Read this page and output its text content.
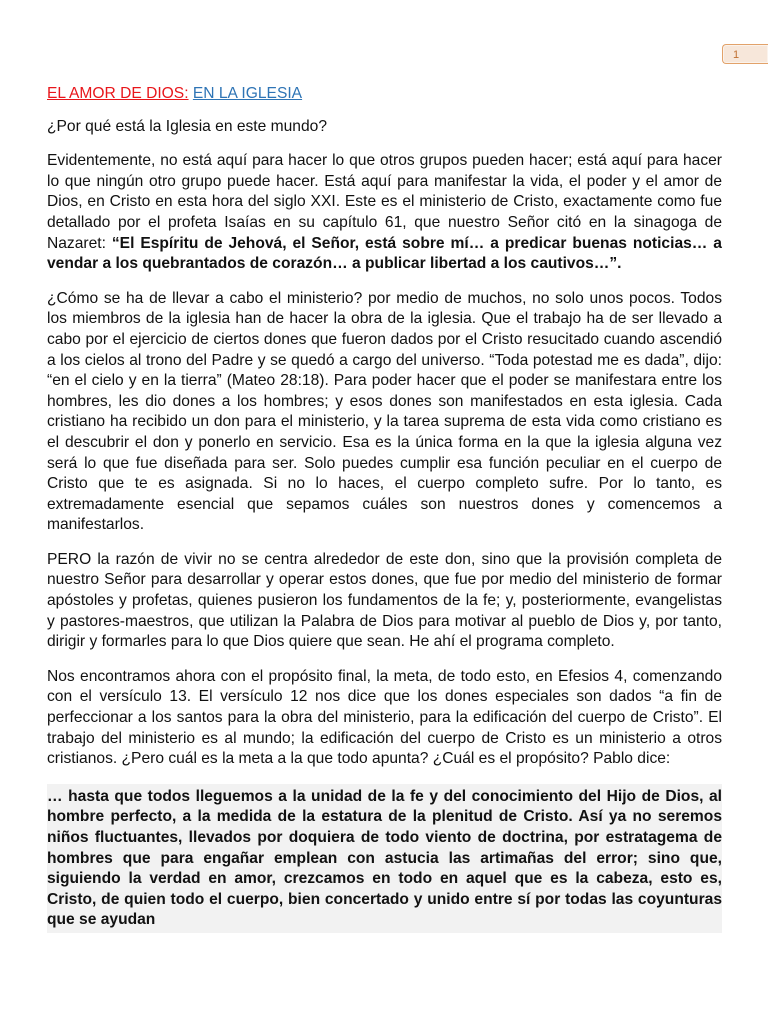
1
EL AMOR DE DIOS: EN LA IGLESIA

¿Por qué está la Iglesia en este mundo?

Evidentemente, no está aquí para hacer lo que otros grupos pueden hacer; está aquí para hacer lo que ningún otro grupo puede hacer. Está aquí para manifestar la vida, el poder y el amor de Dios, en Cristo en esta hora del siglo XXI. Este es el ministerio de Cristo, exactamente como fue detallado por el profeta Isaías en su capítulo 61, que nuestro Señor citó en la sinagoga de Nazaret: “El Espíritu de Jehová, el Señor, está sobre mí… a predicar buenas noticias… a vendar a los quebrantados de corazón… a publicar libertad a los cautivos…”.

¿Cómo se ha de llevar a cabo el ministerio? por medio de muchos, no solo unos pocos. Todos los miembros de la iglesia han de hacer la obra de la iglesia. Que el trabajo ha de ser llevado a cabo por el ejercicio de ciertos dones que fueron dados por el Cristo resucitado cuando ascendió a los cielos al trono del Padre y se quedó a cargo del universo. “Toda potestad me es dada”, dijo: “en el cielo y en la tierra” (Mateo 28:18). Para poder hacer que el poder se manifestara entre los hombres, les dio dones a los hombres; y esos dones son manifestados en esta iglesia. Cada cristiano ha recibido un don para el ministerio, y la tarea suprema de esta vida como cristiano es el descubrir el don y ponerlo en servicio. Esa es la única forma en la que la iglesia alguna vez será lo que fue diseñada para ser. Solo puedes cumplir esa función peculiar en el cuerpo de Cristo que te es asignada. Si no lo haces, el cuerpo completo sufre. Por lo tanto, es extremadamente esencial que sepamos cuáles son nuestros dones y comencemos a manifestarlos.

PERO la razón de vivir no se centra alrededor de este don, sino que la provisión completa de nuestro Señor para desarrollar y operar estos dones, que fue por medio del ministerio de formar apóstoles y profetas, quienes pusieron los fundamentos de la fe; y, posteriormente, evangelistas y pastores-maestros, que utilizan la Palabra de Dios para motivar al pueblo de Dios y, por tanto, dirigir y formarles para lo que Dios quiere que sean. He ahí el programa completo.

Nos encontramos ahora con el propósito final, la meta, de todo esto, en Efesios 4, comenzando con el versículo 13. El versículo 12 nos dice que los dones especiales son dados “a fin de perfeccionar a los santos para la obra del ministerio, para la edificación del cuerpo de Cristo”. El trabajo del ministerio es al mundo; la edificación del cuerpo de Cristo es un ministerio a otros cristianos. ¿Pero cuál es la meta a la que todo apunta? ¿Cuál es el propósito? Pablo dice:

… hasta que todos lleguemos a la unidad de la fe y del conocimiento del Hijo de Dios, al hombre perfecto, a la medida de la estatura de la plenitud de Cristo. Así ya no seremos niños fluctuantes, llevados por doquiera de todo viento de doctrina, por estratagema de hombres que para engañar emplean con astucia las artimañas del error; sino que, siguiendo la verdad en amor, crezcamos en todo en aquel que es la cabeza, esto es, Cristo, de quien todo el cuerpo, bien concertado y unido entre sí por todas las coyunturas que se ayudan
